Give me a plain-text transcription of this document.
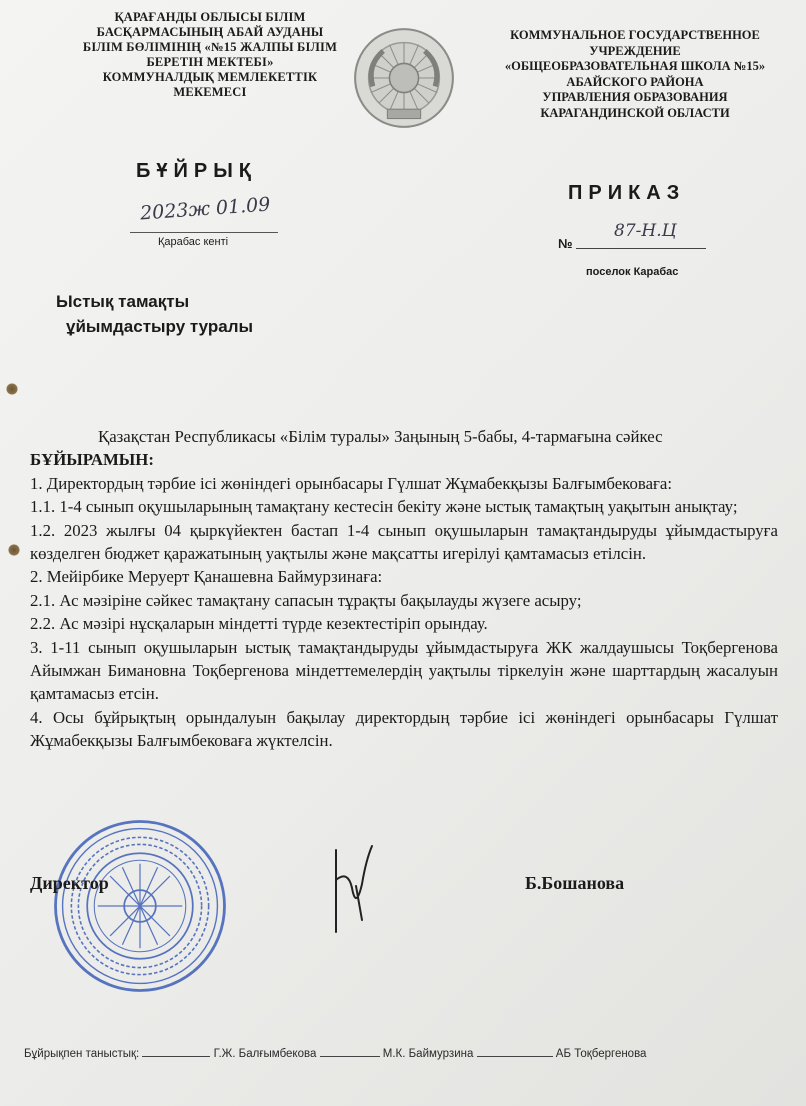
ҚАРАҒАНДЫ ОБЛЫСЫ БІЛІМ
БАСҚАРМАСЫНЫҢ АБАЙ АУДАНЫ
БІЛІМ БӨЛІМІНІҢ «№15 ЖАЛПЫ БІЛІМ
БЕРЕТІН МЕКТЕБІ»
КОММУНАЛДЫҚ МЕМЛЕКЕТТІК
МЕКЕМЕСІ
КОММУНАЛЬНОЕ ГОСУДАРСТВЕННОЕ
УЧРЕЖДЕНИЕ
«ОБЩЕОБРАЗОВАТЕЛЬНАЯ ШКОЛА №15»
АБАЙСКОГО РАЙОНА
УПРАВЛЕНИЯ ОБРАЗОВАНИЯ
КАРАГАНДИНСКОЙ ОБЛАСТИ
БҰЙРЫҚ
ПРИКАЗ
2023ж 01.09
Қарабас кенті	№
87-Н.Ц
поселок Карабас
Ыстық тамақты
ұйымдастыру туралы

Қазақстан Республикасы «Білім туралы» Заңының 5-бабы, 4-тармағына сәйкес

БҰЙЫРАМЫН:

1. Директордың тәрбие ісі жөніндегі орынбасары Гүлшат Жұмабекқызы Балғымбековаға:

1.1. 1-4 сынып оқушыларының тамақтану кестесін бекіту және ыстық тамақтың уақытын анықтау;

1.2. 2023 жылғы 04 қыркүйектен бастап 1-4 сынып оқушыларын тамақтандыруды ұйымдастыруға көзделген бюджет қаражатының уақтылы және мақсатты игерілуі қамтамасыз етілсін.

2. Мейірбике Меруерт Қанашевна Баймурзинаға:

2.1. Ас мәзіріне сәйкес тамақтану сапасын тұрақты бақылауды жүзеге асыру;

2.2. Ас мәзірі нұсқаларын міндетті түрде кезектестіріп орындау.

3. 1-11 сынып оқушыларын ыстық тамақтандыруды ұйымдастыруға ЖК жалдаушысы Тоқбергенова Айымжан Бимановна Тоқбергенова міндеттемелердің уақтылы тіркелуін және шарттардың жасалуын қамтамасыз етсін.

4. Осы бұйрықтың орындалуын бақылау директордың тәрбие ісі жөніндегі орынбасары Гүлшат Жұмабекқызы Балғымбековаға жүктелсін.

Директор	Б.Бошанова
Бұйрықпен таныстық:	Г.Ж. Балғымбекова	М.К. Баймурзина	АБ Тоқбергенова
